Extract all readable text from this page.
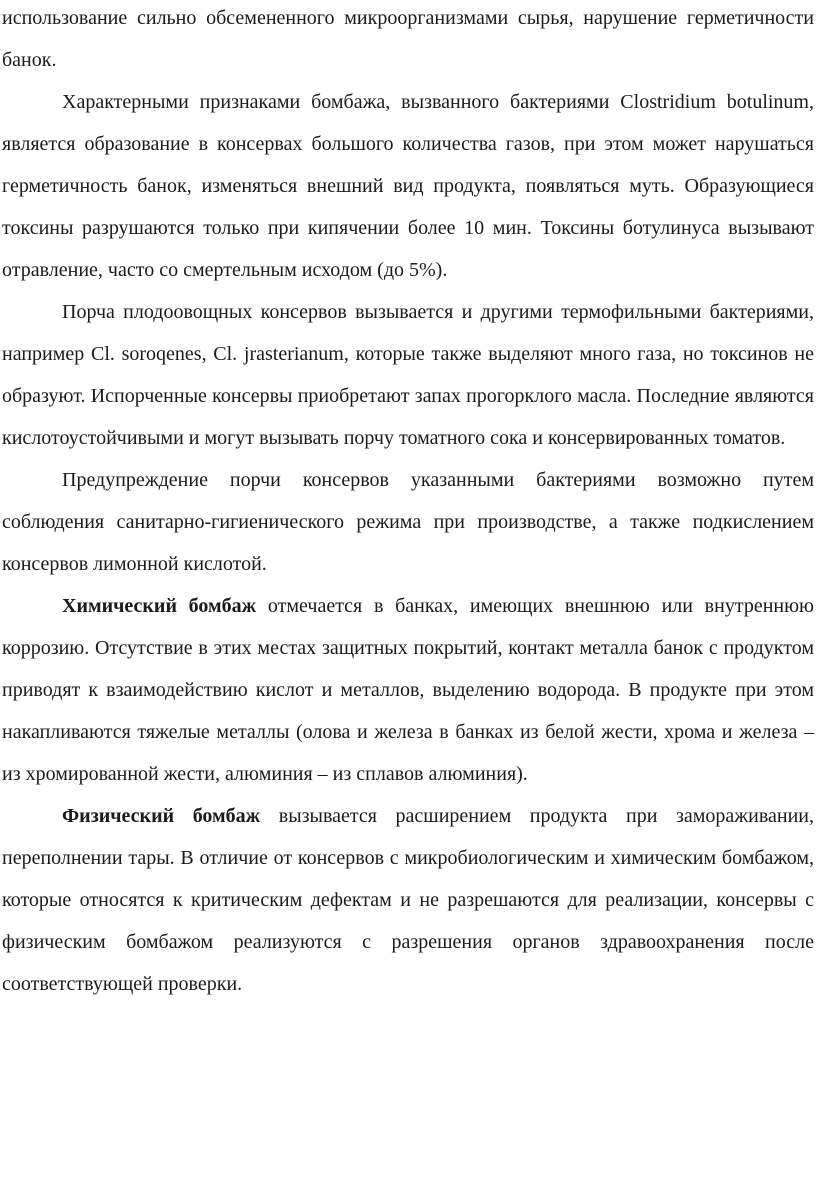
использование сильно обсемененного микроорганизмами сырья, нарушение герметичности банок.

Характерными признаками бомбажа, вызванного бактериями Clostridium botulinum, является образование в консервах большого количества газов, при этом может нарушаться герметичность банок, изменяться внешний вид продукта, появляться муть. Образующиеся токсины разрушаются только при кипячении более 10 мин. Токсины ботулинуса вызывают отравление, часто со смертельным исходом (до 5%).

Порча плодоовощных консервов вызывается и другими термофильными бактериями, например Cl. soroqenes, Cl. jrasterianum, которые также выделяют много газа, но токсинов не образуют. Испорченные консервы приобретают запах прогорклого масла. Последние являются кислотоустойчивыми и могут вызывать порчу томатного сока и консервированных томатов.

Предупреждение порчи консервов указанными бактериями возможно путем соблюдения санитарно-гигиенического режима при производстве, а также подкислением консервов лимонной кислотой.

Химический бомбаж отмечается в банках, имеющих внешнюю или внутреннюю коррозию. Отсутствие в этих местах защитных покрытий, контакт металла банок с продуктом приводят к взаимодействию кислот и металлов, выделению водорода. В продукте при этом накапливаются тяжелые металлы (олова и железа в банках из белой жести, хрома и железа – из хромированной жести, алюминия – из сплавов алюминия).

Физический бомбаж вызывается расширением продукта при замораживании, переполнении тары. В отличие от консервов с микробиологическим и химическим бомбажом, которые относятся к критическим дефектам и не разрешаются для реализации, консервы с физическим бомбажом реализуются с разрешения органов здравоохранения после соответствующей проверки.
